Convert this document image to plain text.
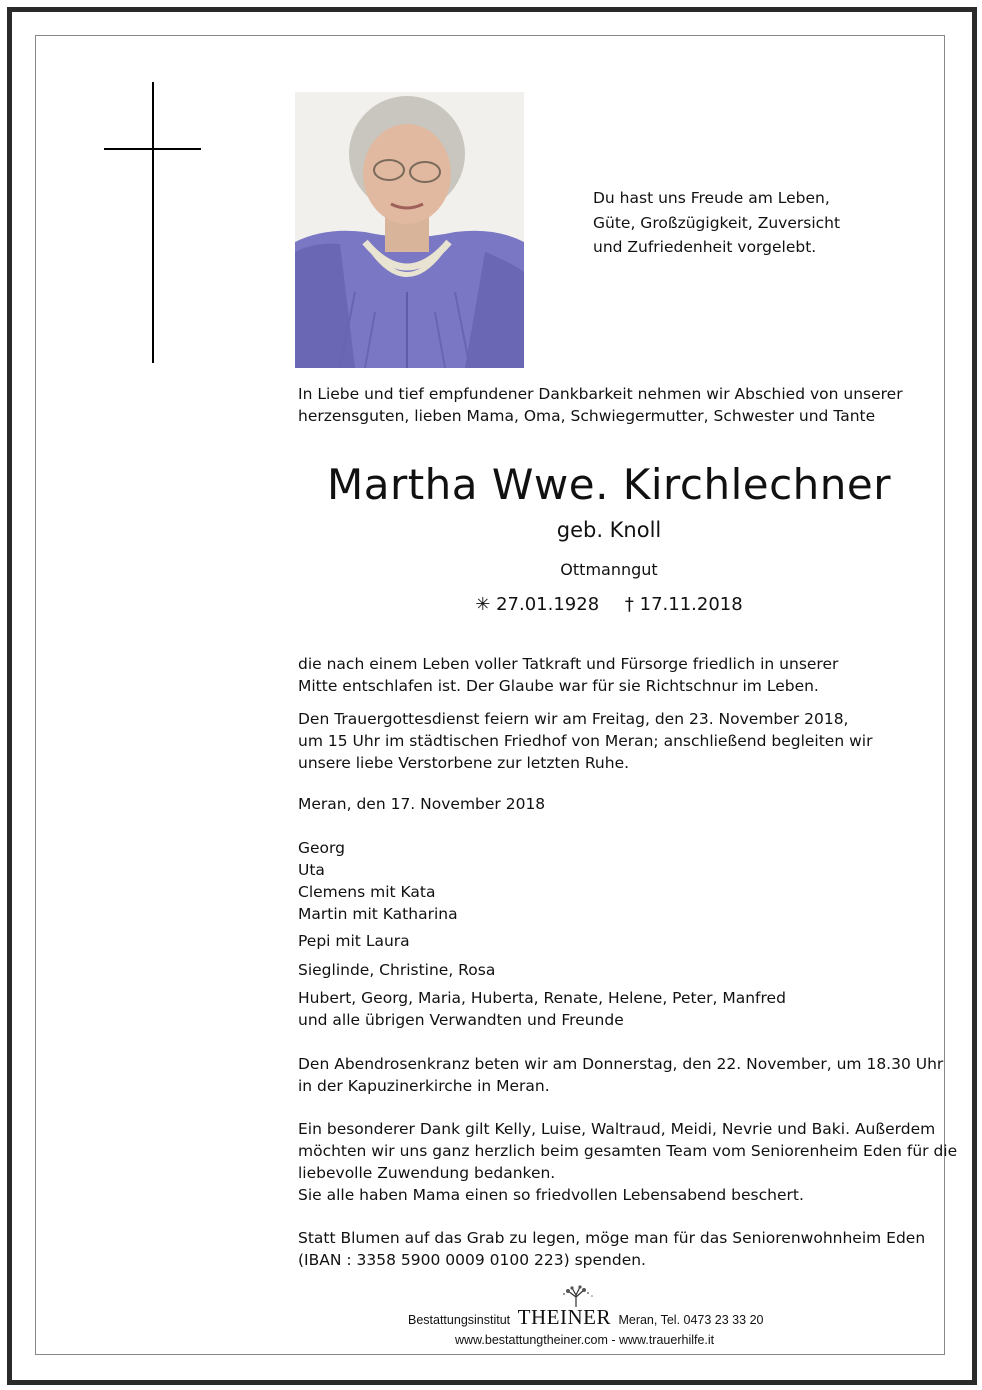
Du hast uns Freude am Leben,
Güte, Großzügigkeit, Zuversicht
und Zufriedenheit vorgelebt.
In Liebe und tief empfundener Dankbarkeit nehmen wir Abschied von unserer
herzensguten, lieben Mama, Oma, Schwiegermutter, Schwester und Tante
Martha Wwe. Kirchlechner
geb. Knoll
Ottmanngut
✳ 27.01.1928 † 17.11.2018
die nach einem Leben voller Tatkraft und Fürsorge friedlich in unserer
Mitte entschlafen ist. Der Glaube war für sie Richtschnur im Leben.
Den Trauergottesdienst feiern wir am Freitag, den 23. November 2018,
um 15 Uhr im städtischen Friedhof von Meran; anschließend begleiten wir
unsere liebe Verstorbene zur letzten Ruhe.
Meran, den 17. November 2018
Georg
Uta
Clemens mit Kata
Martin mit Katharina
Pepi mit Laura
Sieglinde, Christine, Rosa
Hubert, Georg, Maria, Huberta, Renate, Helene, Peter, Manfred
und alle übrigen Verwandten und Freunde
Den Abendrosenkranz beten wir am Donnerstag, den 22. November, um 18.30 Uhr
in der Kapuzinerkirche in Meran.
Ein besonderer Dank gilt Kelly, Luise, Waltraud, Meidi, Nevrie und Baki. Außerdem
möchten wir uns ganz herzlich beim gesamten Team vom Seniorenheim Eden für die
liebevolle Zuwendung bedanken.
Sie alle haben Mama einen so friedvollen Lebensabend beschert.
Statt Blumen auf das Grab zu legen, möge man für das Seniorenwohnheim Eden
(IBAN : 3358 5900 0009 0100 223) spenden.
Bestattungsinstitut THEINER Meran, Tel. 0473 23 33 20
www.bestattungtheiner.com - www.trauerhilfe.it
